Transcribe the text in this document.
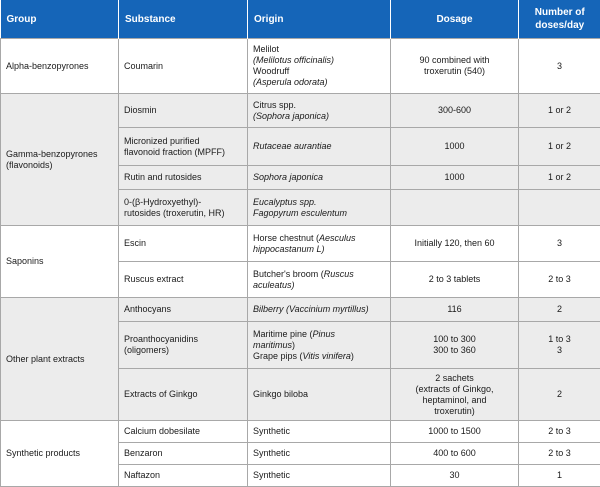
Group	Substance	Origin	Dosage	Number of
doses/day

Alpha-benzopyrones	Coumarin	Melilot
(Melilotus officinalis)
Woodruff
(Asperula odorata)	90 combined with
troxerutin (540)	3

Gamma-benzopyrones
(flavonoids)	Diosmin	Citrus spp.
(Sophora japonica)	300-600	1 or 2

	Micronized purified
flavonoid fraction (MPFF)	Rutaceae aurantiae	1000	1 or 2
	Rutin and rutosides	Sophora japonica	1000	1 or 2

	0-(β-Hydroxyethyl)-
rutosides (troxerutin, HR)	Eucalyptus spp.
Fagopyrum esculentum		

Saponins	Escin	Horse chestnut (Aesculus
hippocastanum L)	Initially 120, then 60	3
	Ruscus extract	Butcher's broom (Ruscus
aculeatus)	2 to 3 tablets	2 to 3
Other plant extracts	Anthocyans	Bilberry (Vaccinium myrtillus)	116	2

	Proanthocyanidins
(oligomers)	Maritime pine (Pinus
maritimus)
Grape pips (Vitis vinifera)	100 to 300
300 to 360	1 to 3
3

	Extracts of Ginkgo	Ginkgo biloba	2 sachets
(extracts of Ginkgo,
heptaminol, and
troxerutin)	2
Synthetic products	Calcium dobesilate	Synthetic	1000 to 1500	2 to 3
	Benzaron	Synthetic	400 to 600	2 to 3
	Naftazon	Synthetic	30	1
